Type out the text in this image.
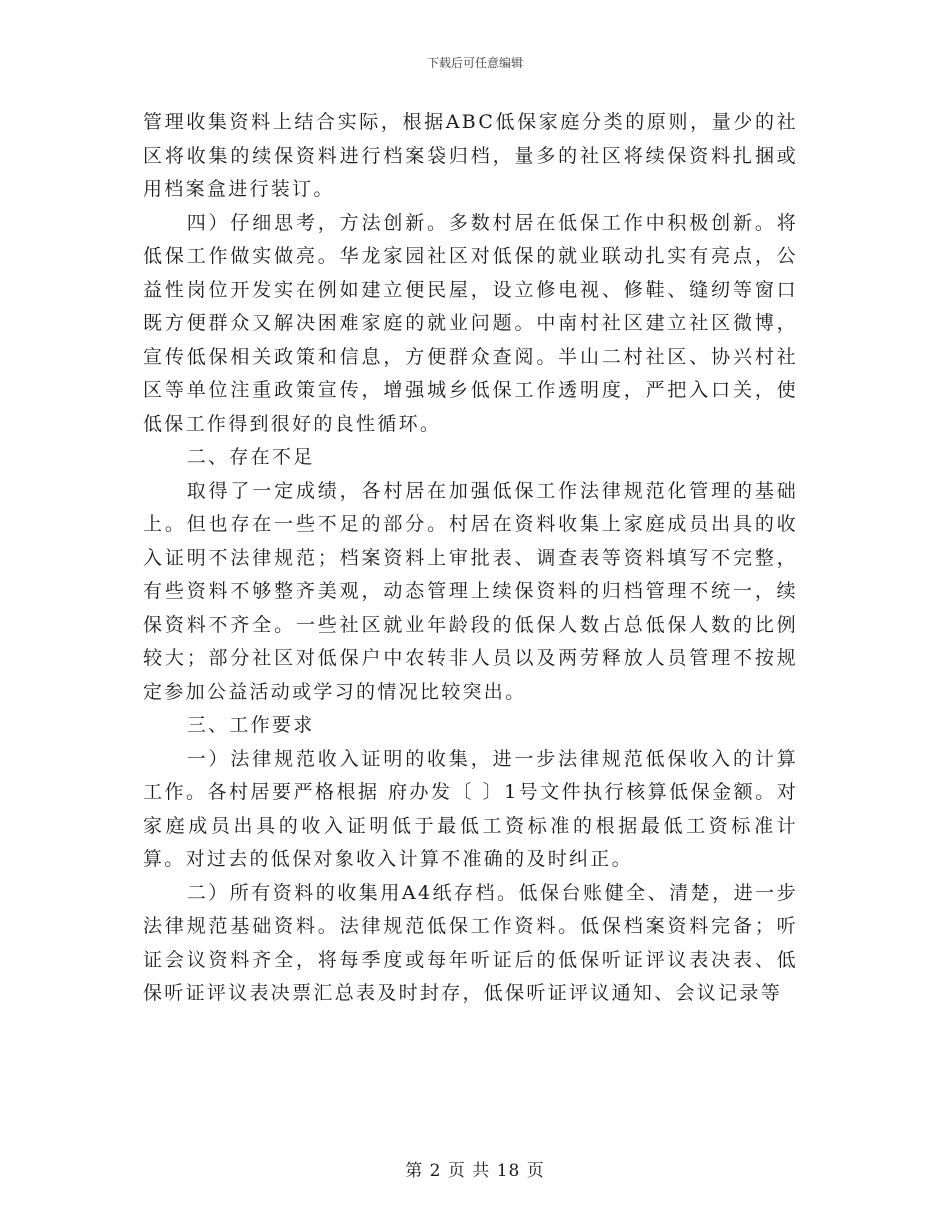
下载后可任意编辑

管理收集资料上结合实际，根据ABC低保家庭分类的原则，量少的社区将收集的续保资料进行档案袋归档，量多的社区将续保资料扎捆或用档案盒进行装订。

四）仔细思考，方法创新。多数村居在低保工作中积极创新。将低保工作做实做亮。华龙家园社区对低保的就业联动扎实有亮点，公益性岗位开发实在例如建立便民屋，设立修电视、修鞋、缝纫等窗口既方便群众又解决困难家庭的就业问题。中南村社区建立社区微博，宣传低保相关政策和信息，方便群众查阅。半山二村社区、协兴村社区等单位注重政策宣传，增强城乡低保工作透明度，严把入口关，使低保工作得到很好的良性循环。

二、存在不足

取得了一定成绩，各村居在加强低保工作法律规范化管理的基础上。但也存在一些不足的部分。村居在资料收集上家庭成员出具的收入证明不法律规范；档案资料上审批表、调查表等资料填写不完整，有些资料不够整齐美观，动态管理上续保资料的归档管理不统一，续保资料不齐全。一些社区就业年龄段的低保人数占总低保人数的比例较大；部分社区对低保户中农转非人员以及两劳释放人员管理不按规定参加公益活动或学习的情况比较突出。

三、工作要求

一）法律规范收入证明的收集，进一步法律规范低保收入的计算工作。各村居要严格根据 府办发〔 〕1号文件执行核算低保金额。对家庭成员出具的收入证明低于最低工资标准的根据最低工资标准计算。对过去的低保对象收入计算不准确的及时纠正。

二）所有资料的收集用A4纸存档。低保台账健全、清楚，进一步法律规范基础资料。法律规范低保工作资料。低保档案资料完备；听证会议资料齐全，将每季度或每年听证后的低保听证评议表决表、低保听证评议表决票汇总表及时封存，低保听证评议通知、会议记录等

第 2 页 共 18 页
